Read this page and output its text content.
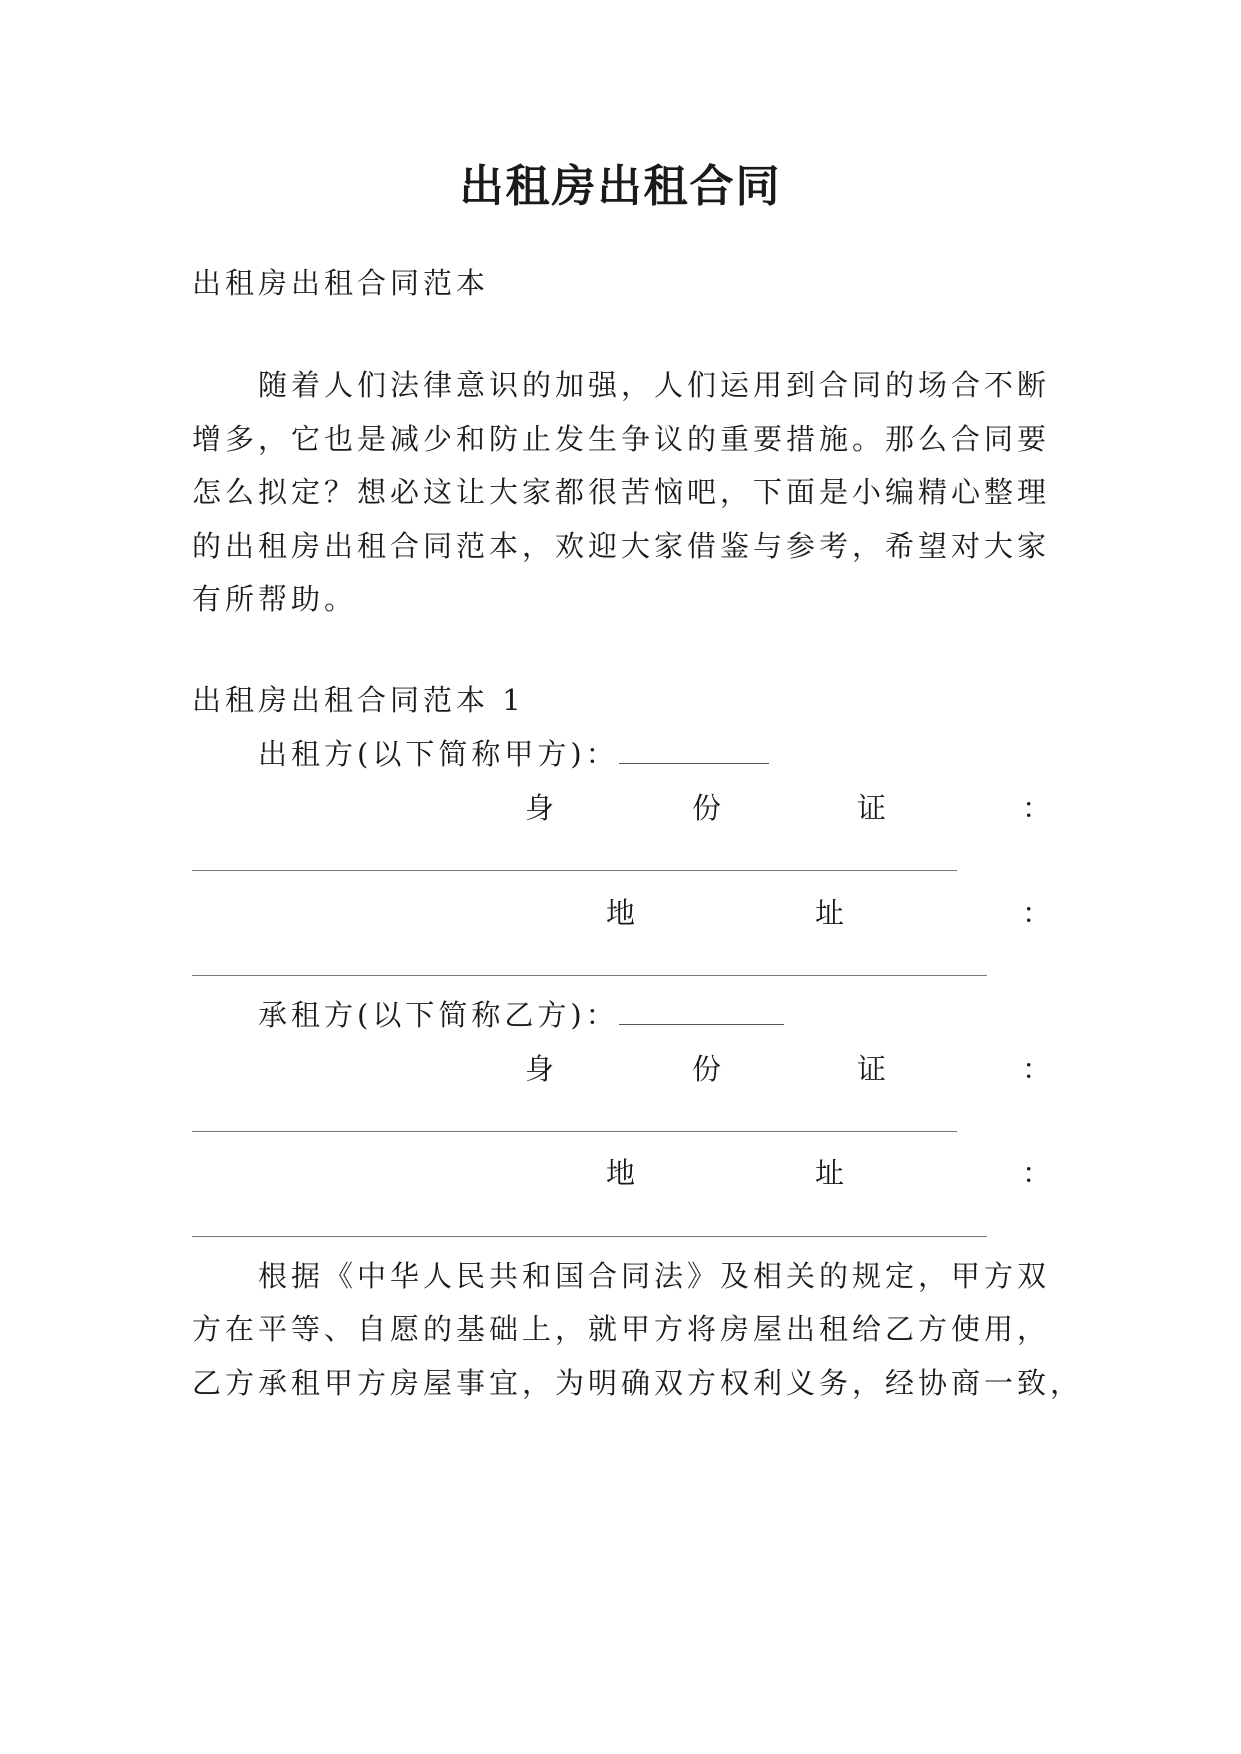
出租房出租合同
出租房出租合同范本
随着人们法律意识的加强，人们运用到合同的场合不断
增多，它也是减少和防止发生争议的重要措施。那么合同要
怎么拟定？想必这让大家都很苦恼吧，下面是小编精心整理
的出租房出租合同范本，欢迎大家借鉴与参考，希望对大家
有所帮助。
出租房出租合同范本 1
出租方(以下简称甲方)：
身	份	证	：
地	址	：
承租方(以下简称乙方)：
身	份	证	：
地	址	：
根据《中华人民共和国合同法》及相关的规定，甲方双
方在平等、自愿的基础上，就甲方将房屋出租给乙方使用，
乙方承租甲方房屋事宜，为明确双方权利义务，经协商一致，
